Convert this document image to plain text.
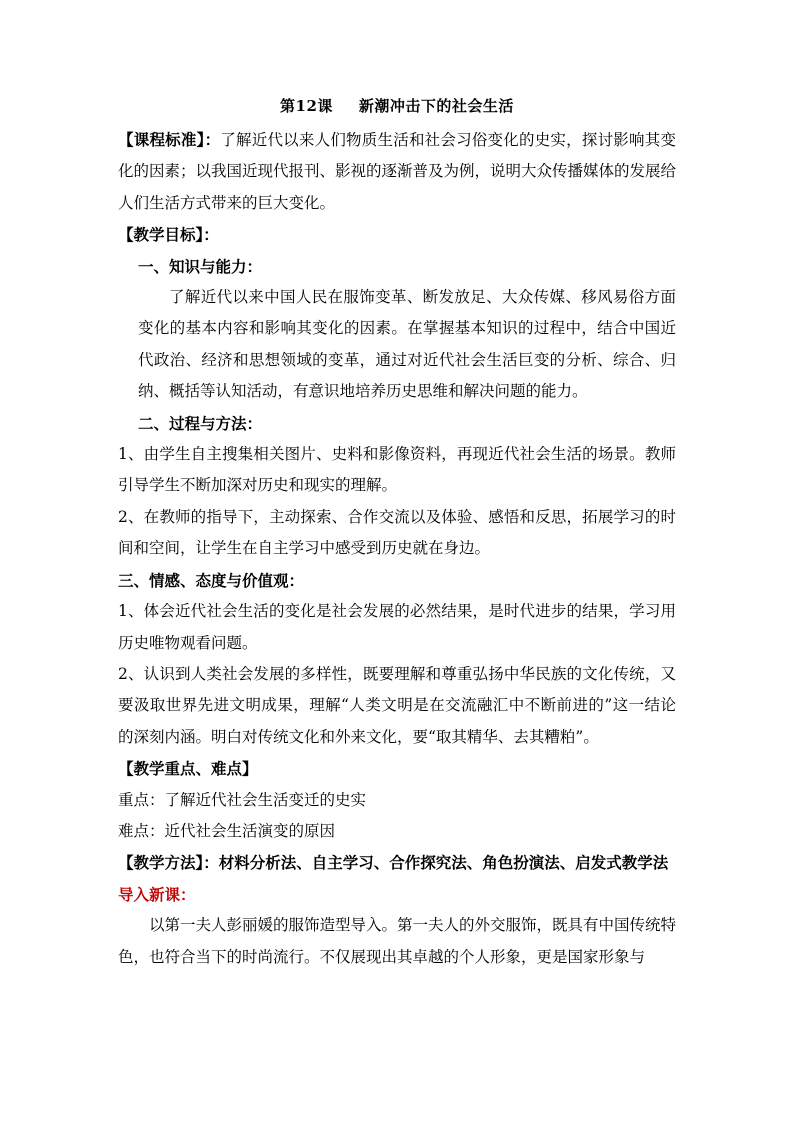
第12课 新潮冲击下的社会生活

【课程标准】：了解近代以来人们物质生活和社会习俗变化的史实，探讨影响其变化的因素；以我国近现代报刊、影视的逐渐普及为例，说明大众传播媒体的发展给人们生活方式带来的巨大变化。

【教学目标】：

一、知识与能力：

了解近代以来中国人民在服饰变革、断发放足、大众传媒、移风易俗方面变化的基本内容和影响其变化的因素。在掌握基本知识的过程中，结合中国近代政治、经济和思想领域的变革，通过对近代社会生活巨变的分析、综合、归纳、概括等认知活动，有意识地培养历史思维和解决问题的能力。

二、过程与方法：

1、由学生自主搜集相关图片、史料和影像资料，再现近代社会生活的场景。教师引导学生不断加深对历史和现实的理解。

2、在教师的指导下，主动探索、合作交流以及体验、感悟和反思，拓展学习的时间和空间，让学生在自主学习中感受到历史就在身边。

三、情感、态度与价值观：

1、体会近代社会生活的变化是社会发展的必然结果，是时代进步的结果，学习用历史唯物观看问题。

2、认识到人类社会发展的多样性，既要理解和尊重弘扬中华民族的文化传统，又要汲取世界先进文明成果，理解“人类文明是在交流融汇中不断前进的”这一结论的深刻内涵。明白对传统文化和外来文化，要“取其精华、去其糟粕”。

【教学重点、难点】

重点：了解近代社会生活变迁的史实

难点：近代社会生活演变的原因

【教学方法】：材料分析法、自主学习、合作探究法、角色扮演法、启发式教学法

导入新课：

以第一夫人彭丽媛的服饰造型导入。第一夫人的外交服饰，既具有中国传统特色，也符合当下的时尚流行。不仅展现出其卓越的个人形象，更是国家形象与
